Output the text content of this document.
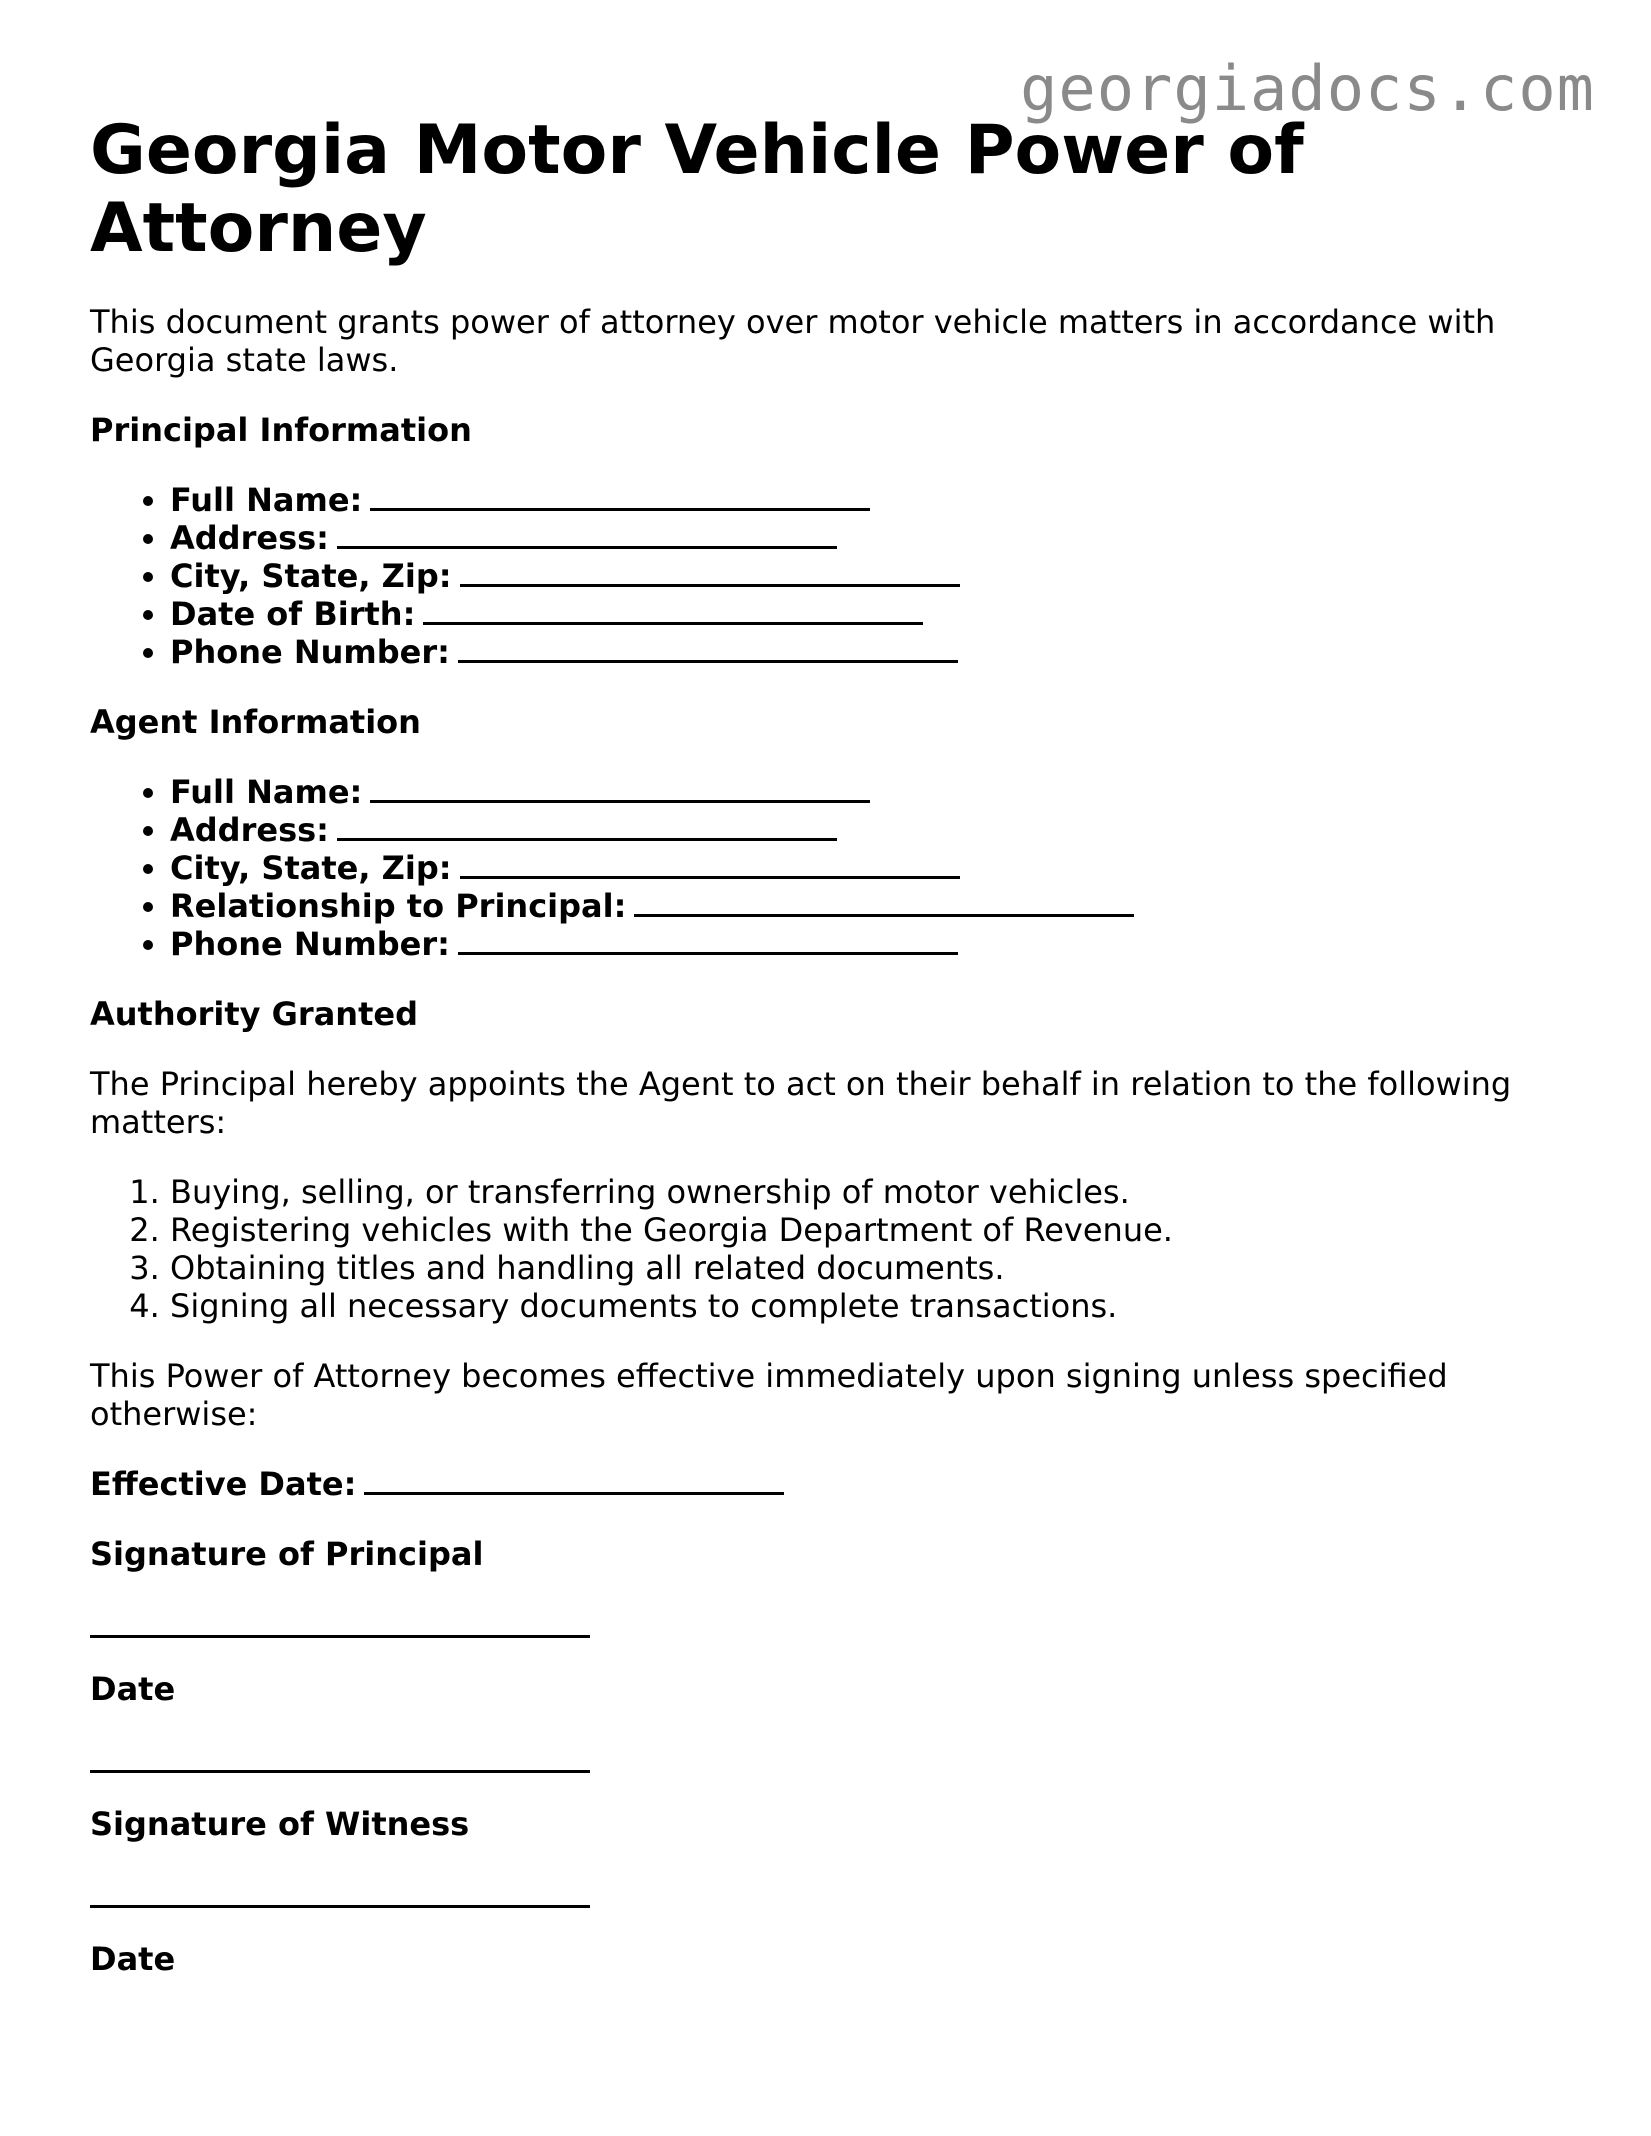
georgiadocs.com
Georgia Motor Vehicle Power of Attorney

This document grants power of attorney over motor vehicle matters in accordance with Georgia state laws.

Principal Information
• Full Name:
• Address:
• City, State, Zip:
• Date of Birth:
• Phone Number:
Agent Information
• Full Name:
• Address:
• City, State, Zip:
• Relationship to Principal:
• Phone Number:
Authority Granted

The Principal hereby appoints the Agent to act on their behalf in relation to the following matters:

1. Buying, selling, or transferring ownership of motor vehicles.
2. Registering vehicles with the Georgia Department of Revenue.
3. Obtaining titles and handling all related documents.
4. Signing all necessary documents to complete transactions.

This Power of Attorney becomes effective immediately upon signing unless specified otherwise:

Effective Date:
Signature of Principal
Date
Signature of Witness
Date
